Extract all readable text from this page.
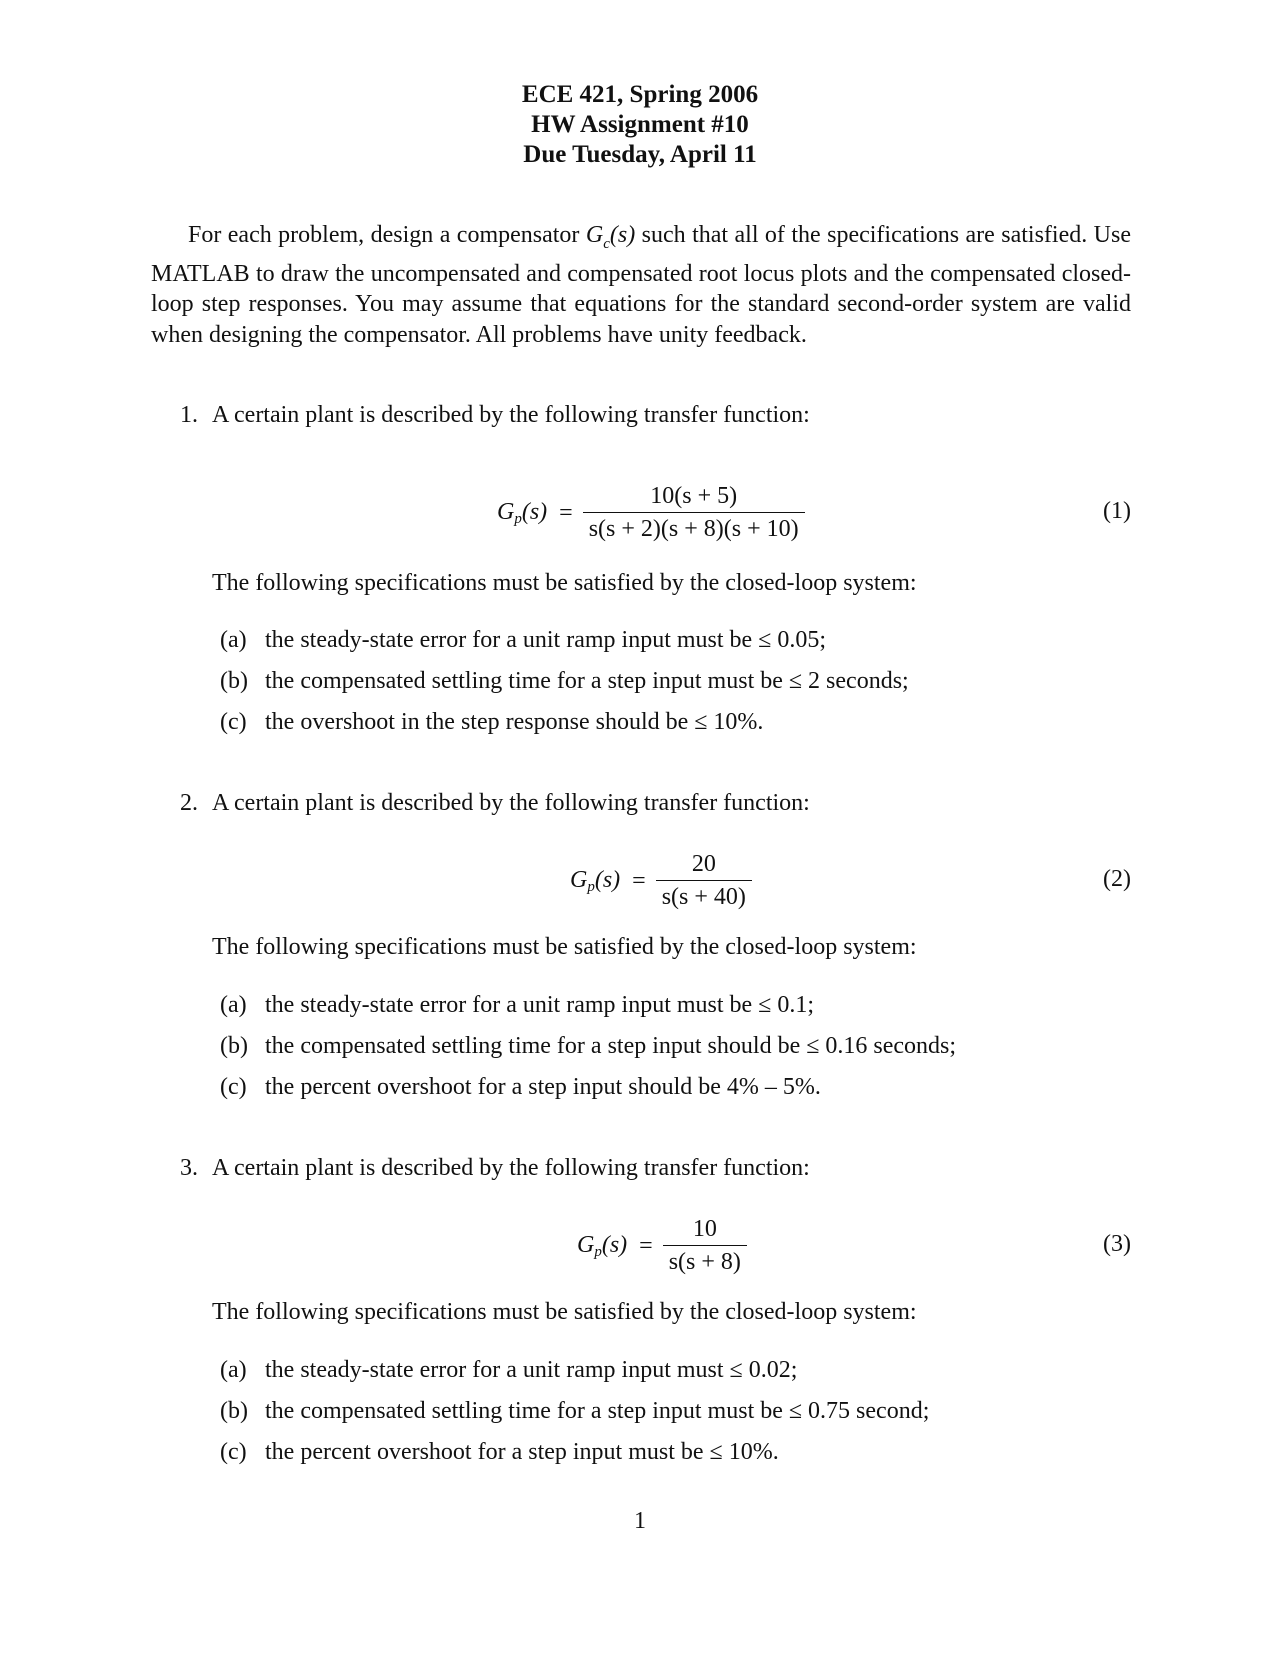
ECE 421, Spring 2006
HW Assignment #10
Due Tuesday, April 11

For each problem, design a compensator $G_c(s)$ such that all of the specifications are satisfied. Use MATLAB to draw the uncompensated and compensated root locus plots and the compensated closed-loop step responses. You may assume that equations for the standard second-order system are valid when designing the compensator. All problems have unity feedback.

1. A certain plant is described by the following transfer function:
$G_p(s) = \frac{10(s + 5)}{s(s + 2)(s + 8)(s + 10)}$	(1)
The following specifications must be satisfied by the closed-loop system:
(a) the steady-state error for a unit ramp input must be ≤ 0.05;
(b) the compensated settling time for a step input must be ≤ 2 seconds;
(c) the overshoot in the step response should be ≤ 10%.
2. A certain plant is described by the following transfer function:
$G_p(s) = \frac{20}{s(s + 40)}$	(2)
The following specifications must be satisfied by the closed-loop system:
(a) the steady-state error for a unit ramp input must be ≤ 0.1;
(b) the compensated settling time for a step input should be ≤ 0.16 seconds;
(c) the percent overshoot for a step input should be 4% – 5%.
3. A certain plant is described by the following transfer function:
$G_p(s) = \frac{10}{s(s + 8)}$	(3)
The following specifications must be satisfied by the closed-loop system:
(a) the steady-state error for a unit ramp input must ≤ 0.02;
(b) the compensated settling time for a step input must be ≤ 0.75 second;
(c) the percent overshoot for a step input must be ≤ 10%.
1
